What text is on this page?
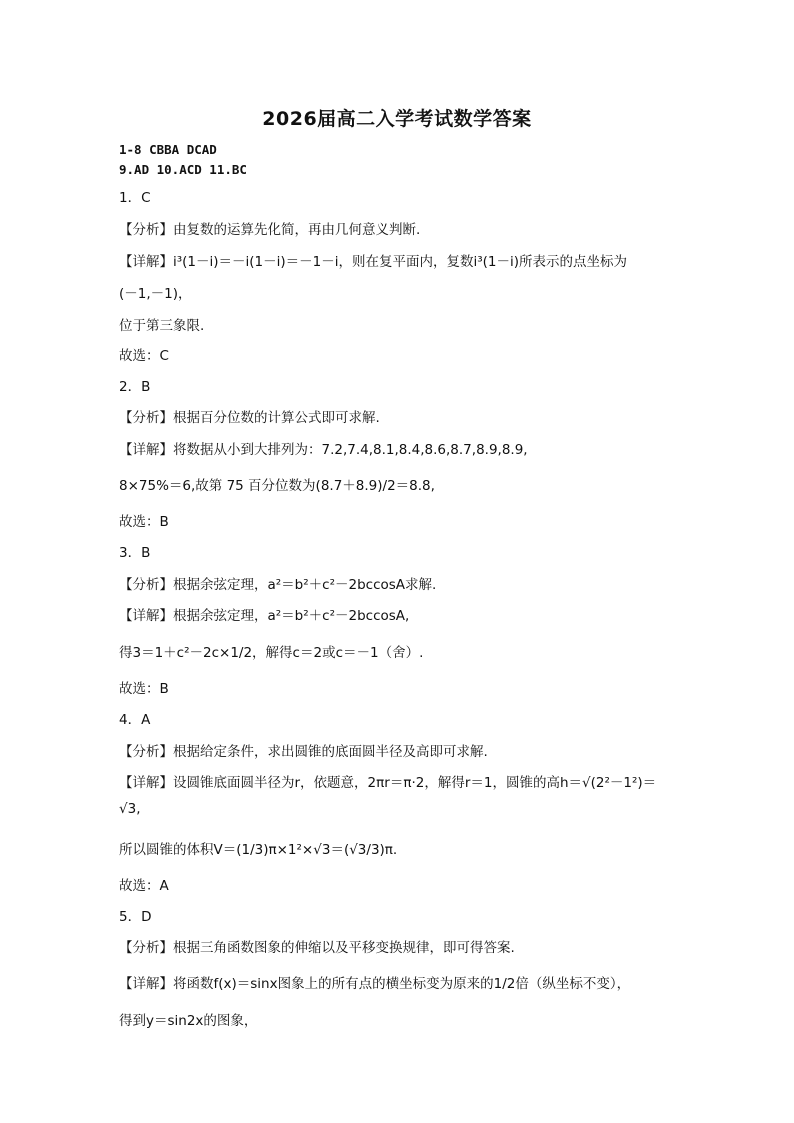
2026届高二入学考试数学答案
1-8 CBBA DCAD
9.AD 10.ACD 11.BC
1．C
【分析】由复数的运算先化简，再由几何意义判断.
【详解】i³(1－i)＝－i(1－i)＝－1－i，则在复平面内，复数i³(1－i)所表示的点坐标为
(－1,－1)，
位于第三象限.
故选：C
2．B
【分析】根据百分位数的计算公式即可求解.
【详解】将数据从小到大排列为：7.2,7.4,8.1,8.4,8.6,8.7,8.9,8.9,
8×75%＝6,故第 75 百分位数为(8.7＋8.9)/2＝8.8,
故选：B
3．B
【分析】根据余弦定理，a²＝b²＋c²－2bccosA求解.
【详解】根据余弦定理，a²＝b²＋c²－2bccosA,
得3＝1＋c²－2c×1/2，解得c＝2或c＝－1（舍）.
故选：B
4．A
【分析】根据给定条件，求出圆锥的底面圆半径及高即可求解.
【详解】设圆锥底面圆半径为r，依题意，2πr＝π·2，解得r＝1，圆锥的高h＝√(2²－1²)＝
√3,
所以圆锥的体积V＝(1/3)π×1²×√3＝(√3/3)π.
故选：A
5．D
【分析】根据三角函数图象的伸缩以及平移变换规律，即可得答案.
【详解】将函数f(x)＝sinx图象上的所有点的横坐标变为原来的1/2倍（纵坐标不变），
得到y＝sin2x的图象，
